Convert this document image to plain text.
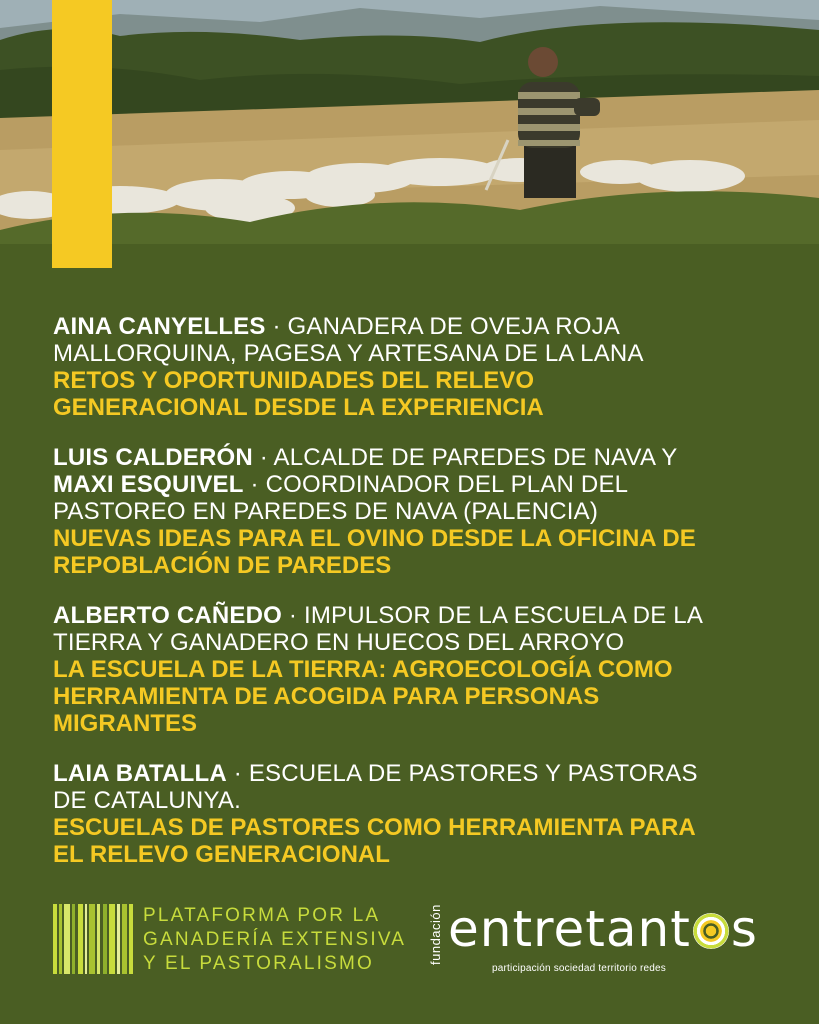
AINA CANYELLES · GANADERA DE OVEJA ROJA
MALLORQUINA, PAGESA Y ARTESANA DE LA LANA
RETOS Y OPORTUNIDADES DEL RELEVO
GENERACIONAL DESDE LA EXPERIENCIA
LUIS CALDERÓN · ALCALDE DE PAREDES DE NAVA Y
MAXI ESQUIVEL · COORDINADOR DEL PLAN DEL
PASTOREO EN PAREDES DE NAVA (PALENCIA)
NUEVAS IDEAS PARA EL OVINO DESDE LA OFICINA DE
REPOBLACIÓN DE PAREDES
ALBERTO CAÑEDO · IMPULSOR DE LA ESCUELA DE LA
TIERRA Y GANADERO EN HUECOS DEL ARROYO
LA ESCUELA DE LA TIERRA: AGROECOLOGÍA COMO
HERRAMIENTA DE ACOGIDA PARA PERSONAS
MIGRANTES
LAIA BATALLA · ESCUELA DE PASTORES Y PASTORAS
DE CATALUNYA.
ESCUELAS DE PASTORES COMO HERRAMIENTA PARA
EL RELEVO GENERACIONAL
PLATAFORMA POR LA
GANADERÍA EXTENSIVA
Y EL PASTORALISMO	fundación entretant s
participación sociedad territorio redes
